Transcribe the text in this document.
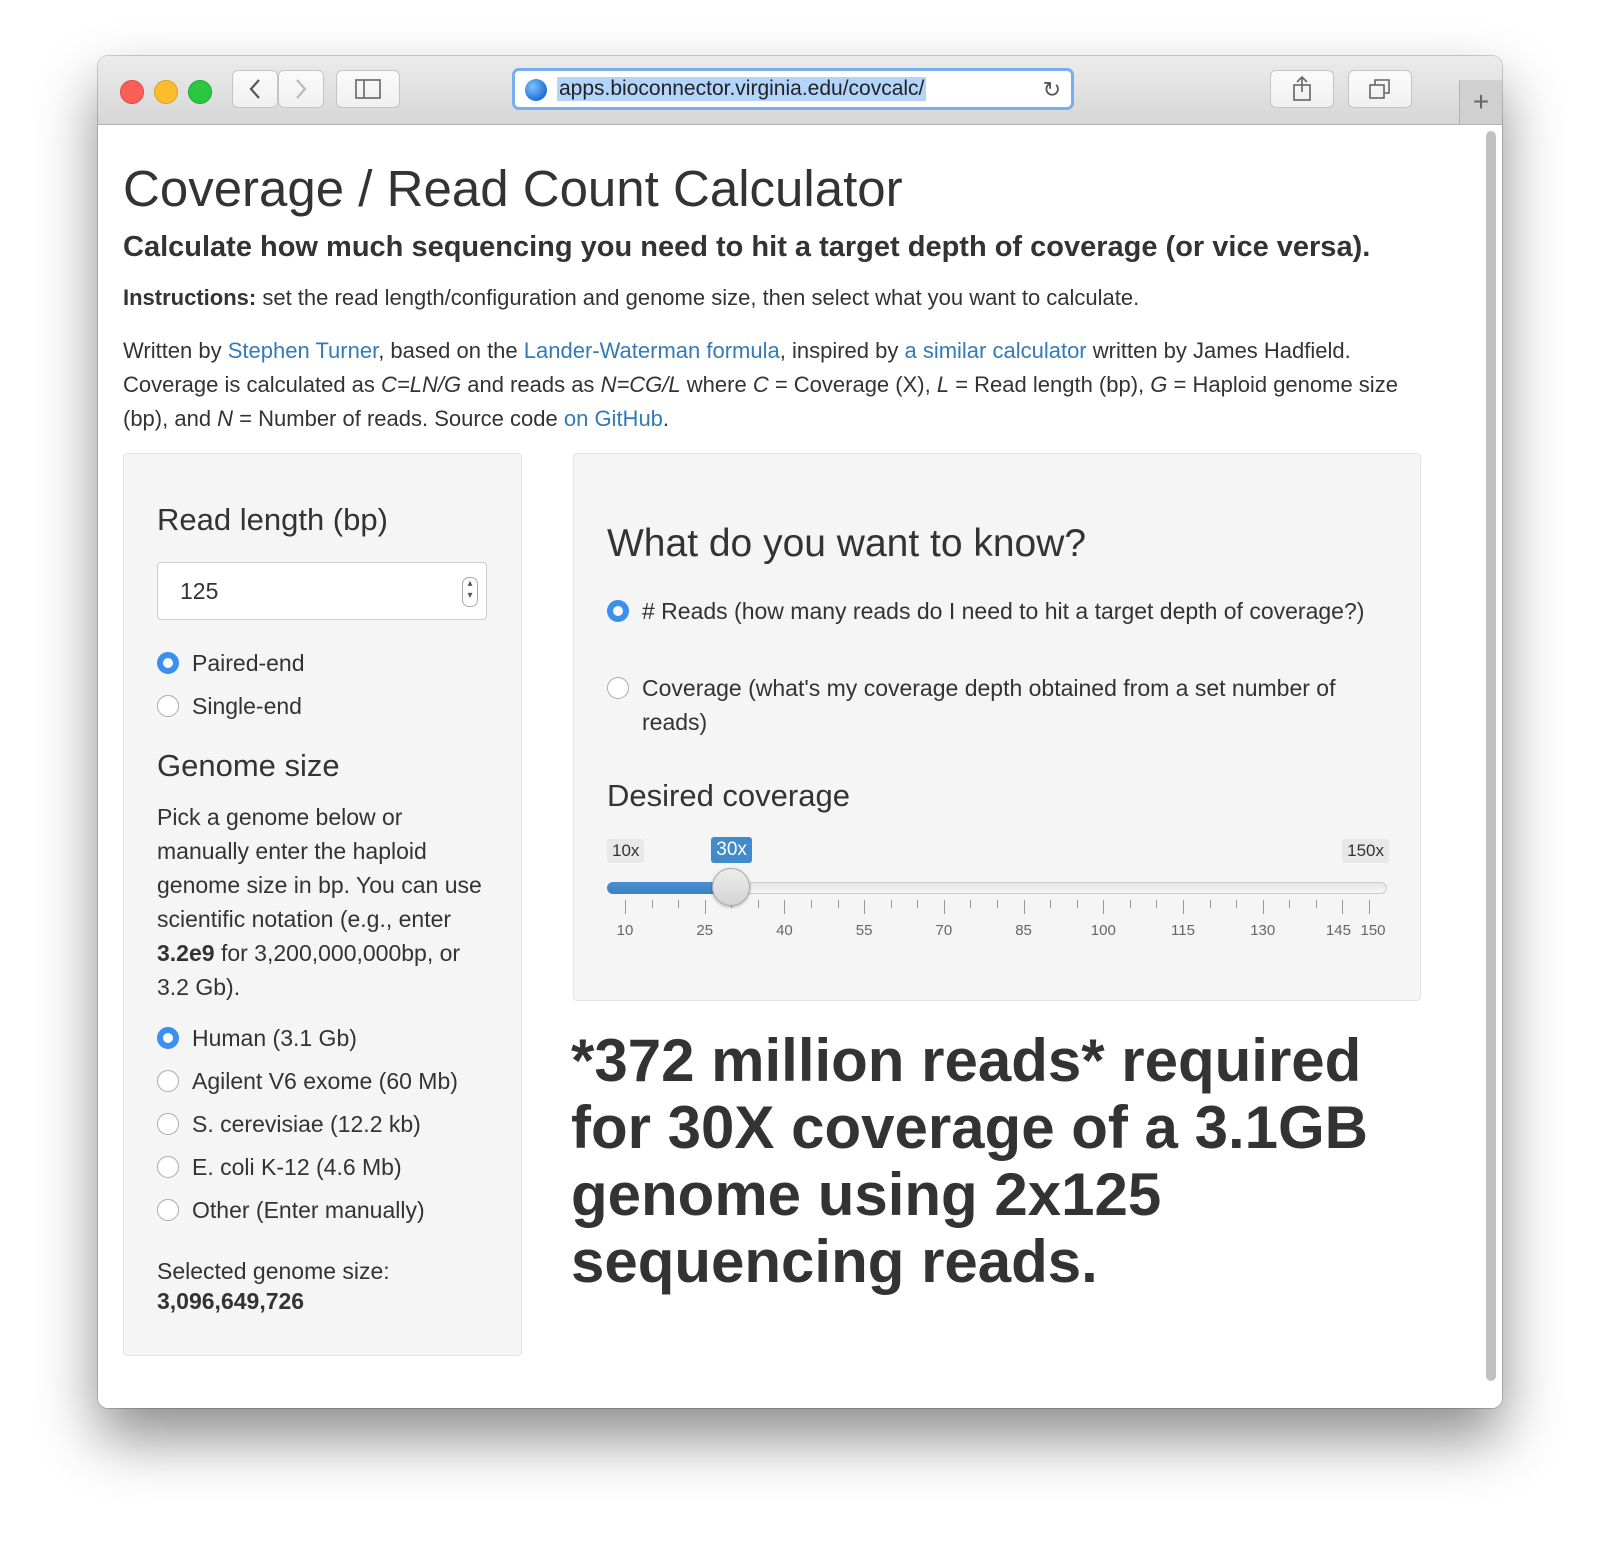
apps.bioconnector.virginia.edu/covcalc/	↻	+
Coverage / Read Count Calculator

Calculate how much sequencing you need to hit a target depth of coverage (or vice versa).

Instructions: set the read length/configuration and genome size, then select what you want to calculate.
Written by Stephen Turner, based on the Lander-Waterman formula, inspired by a similar calculator written by James Hadfield. Coverage is calculated as C=LN/G and reads as N=CG/L where C = Coverage (X), L = Read length (bp), G = Haploid genome size (bp), and N = Number of reads. Source code on GitHub.

Read length (bp)

125	▴
▾
Paired-end
Single-end

Genome size

Pick a genome below or manually enter the haploid genome size in bp. You can use scientific notation (e.g., enter 3.2e9 for 3,200,000,000bp, or 3.2 Gb).
Human (3.1 Gb)
Agilent V6 exome (60 Mb)
S. cerevisiae (12.2 kb)
E. coli K-12 (4.6 Mb)
Other (Enter manually)
Selected genome size:
3,096,649,726

What do you want to know?

# Reads (how many reads do I need to hit a target depth of coverage?)
Coverage (what's my coverage depth obtained from a set number of reads)

Desired coverage

10x	150x
30x
10	25	40	55	70	85	100	115	130	145 150
*372 million reads* required for 30X coverage of a 3.1GB genome using 2x125 sequencing reads.
